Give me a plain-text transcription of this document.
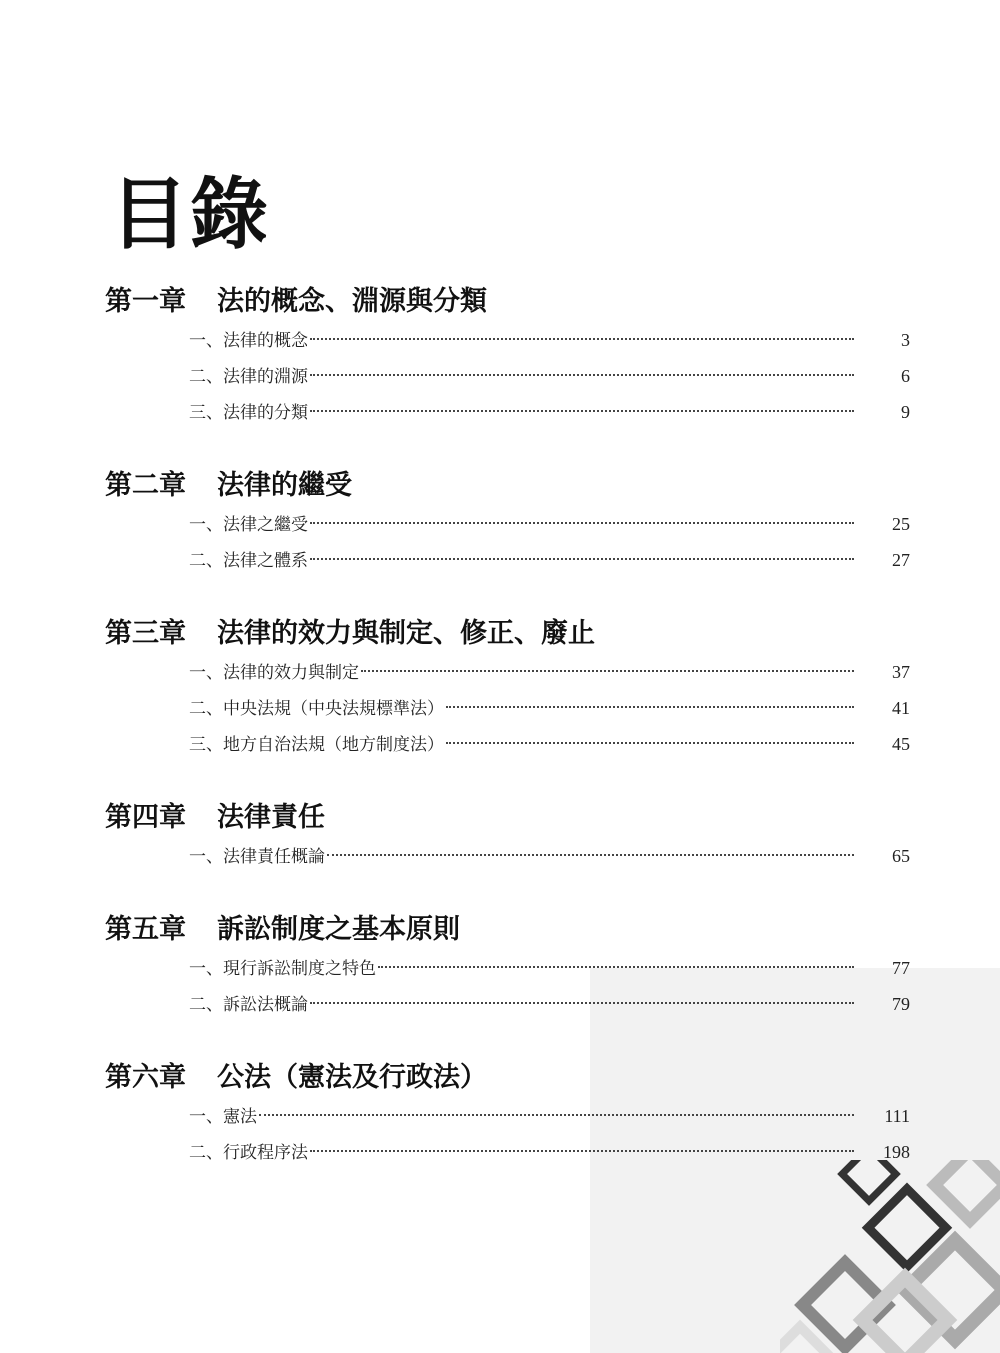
目錄
第一章	法的概念、淵源與分類
一、法律的概念	3
二、法律的淵源	6
三、法律的分類	9
第二章	法律的繼受
一、法律之繼受	25
二、法律之體系	27
第三章	法律的效力與制定、修正、廢止
一、法律的效力與制定	37
二、中央法規（中央法規標準法）	41
三、地方自治法規（地方制度法）	45
第四章	法律責任
一、法律責任概論	65
第五章	訴訟制度之基本原則
一、現行訴訟制度之特色	77
二、訴訟法概論	79
第六章	公法（憲法及行政法）
一、憲法	111
二、行政程序法	198
